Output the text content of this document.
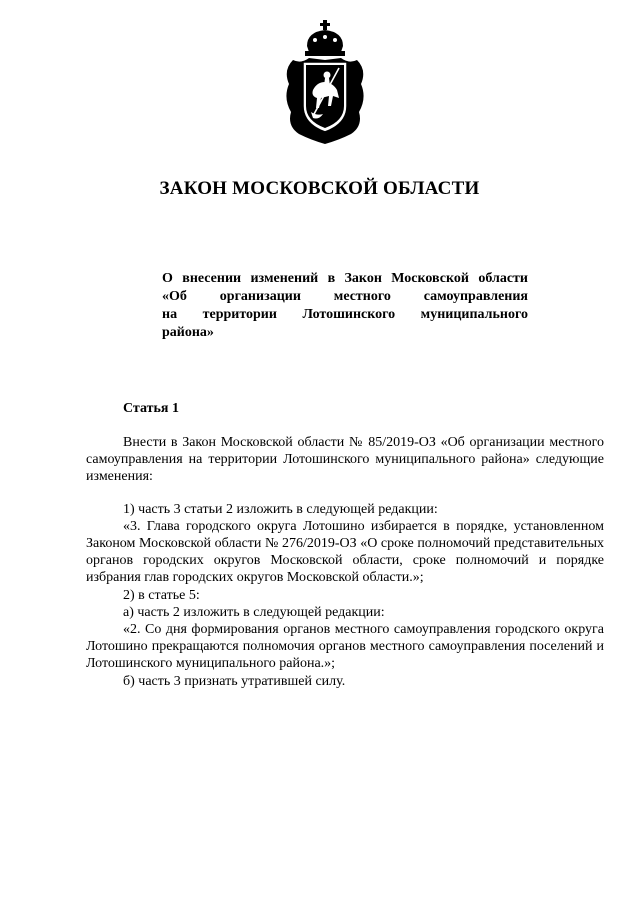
ЗАКОН МОСКОВСКОЙ ОБЛАСТИ
О внесении изменений в Закон Московской области
«Об организации местного самоуправления
на территории Лотошинского муниципального
района»
Статья 1

Внести в Закон Московской области № 85/2019-ОЗ «Об организации местного самоуправления на территории Лотошинского муниципального района» следующие изменения:

1) часть 3 статьи 2 изложить в следующей редакции:

«3. Глава городского округа Лотошино избирается в порядке, установленном Законом Московской области № 276/2019-ОЗ «О сроке полномочий представительных органов городских округов Московской области, сроке полномочий и порядке избрания глав городских округов Московской области.»;

2) в статье 5:

а) часть 2 изложить в следующей редакции:

«2. Со дня формирования органов местного самоуправления городского округа Лотошино прекращаются полномочия органов местного самоуправления поселений и Лотошинского муниципального района.»;

б) часть 3 признать утратившей силу.
